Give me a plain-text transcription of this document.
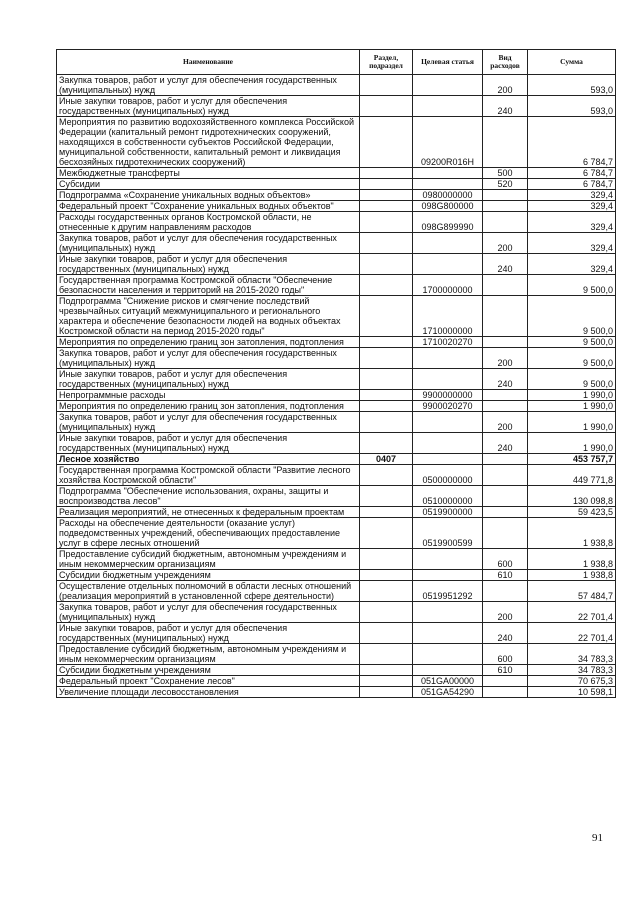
Наименование	Раздел, подраздел	Целевая статья	Вид расходов	Сумма
Закупка товаров, работ и услуг для обеспечения государственных (муниципальных) нужд			200	593,0
Иные закупки товаров, работ и услуг для обеспечения государственных (муниципальных) нужд			240	593,0
Мероприятия по развитию водохозяйственного комплекса Российской Федерации (капитальный ремонт гидротехнических сооружений, находящихся в собственности субъектов Российской Федерации, муниципальной собственности, капитальный ремонт и ликвидация бесхозяйных гидротехнических сооружений)		09200R016H		6 784,7
Межбюджетные трансферты			500	6 784,7
Субсидии			520	6 784,7
Подпрограмма «Сохранение уникальных водных объектов»		0980000000		329,4
Федеральный проект "Сохранение уникальных водных объектов"		098G800000		329,4
Расходы государственных органов Костромской области, не отнесенные к другим направлениям расходов		098G899990		329,4
Закупка товаров, работ и услуг для обеспечения государственных (муниципальных) нужд			200	329,4
Иные закупки товаров, работ и услуг для обеспечения государственных (муниципальных) нужд			240	329,4
Государственная программа Костромской области "Обеспечение безопасности населения и территорий на 2015-2020 годы"		1700000000		9 500,0
Подпрограмма "Снижение рисков и смягчение последствий чрезвычайных ситуаций межмуниципального и регионального характера и обеспечение безопасности людей на водных объектах Костромской области на период 2015-2020 годы"		1710000000		9 500,0
Мероприятия по определению границ зон затопления, подтопления		1710020270		9 500,0
Закупка товаров, работ и услуг для обеспечения государственных (муниципальных) нужд			200	9 500,0
Иные закупки товаров, работ и услуг для обеспечения государственных (муниципальных) нужд			240	9 500,0
Непрограммные расходы		9900000000		1 990,0
Мероприятия по определению границ зон затопления, подтопления		9900020270		1 990,0
Закупка товаров, работ и услуг для обеспечения государственных (муниципальных) нужд			200	1 990,0
Иные закупки товаров, работ и услуг для обеспечения государственных (муниципальных) нужд			240	1 990,0
Лесное хозяйство	0407			453 757,7
Государственная программа Костромской области "Развитие лесного хозяйства Костромской области"		0500000000		449 771,8
Подпрограмма "Обеспечение использования, охраны, защиты и воспроизводства лесов"		0510000000		130 098,8
Реализация мероприятий, не отнесенных к федеральным проектам		0519900000		59 423,5
Расходы на обеспечение деятельности (оказание услуг) подведомственных учреждений, обеспечивающих предоставление услуг в сфере лесных отношений		0519900599		1 938,8
Предоставление субсидий бюджетным, автономным учреждениям и иным некоммерческим организациям			600	1 938,8
Субсидии бюджетным учреждениям			610	1 938,8
Осуществление отдельных полномочий в области лесных отношений (реализация мероприятий в установленной сфере деятельности)		0519951292		57 484,7
Закупка товаров, работ и услуг для обеспечения государственных (муниципальных) нужд			200	22 701,4
Иные закупки товаров, работ и услуг для обеспечения государственных (муниципальных) нужд			240	22 701,4
Предоставление субсидий бюджетным, автономным учреждениям и иным некоммерческим организациям			600	34 783,3
Субсидии бюджетным учреждениям			610	34 783,3
Федеральный проект "Сохранение лесов"		051GA00000		70 675,3
Увеличение площади лесовосстановления		051GA54290		10 598,1
91
